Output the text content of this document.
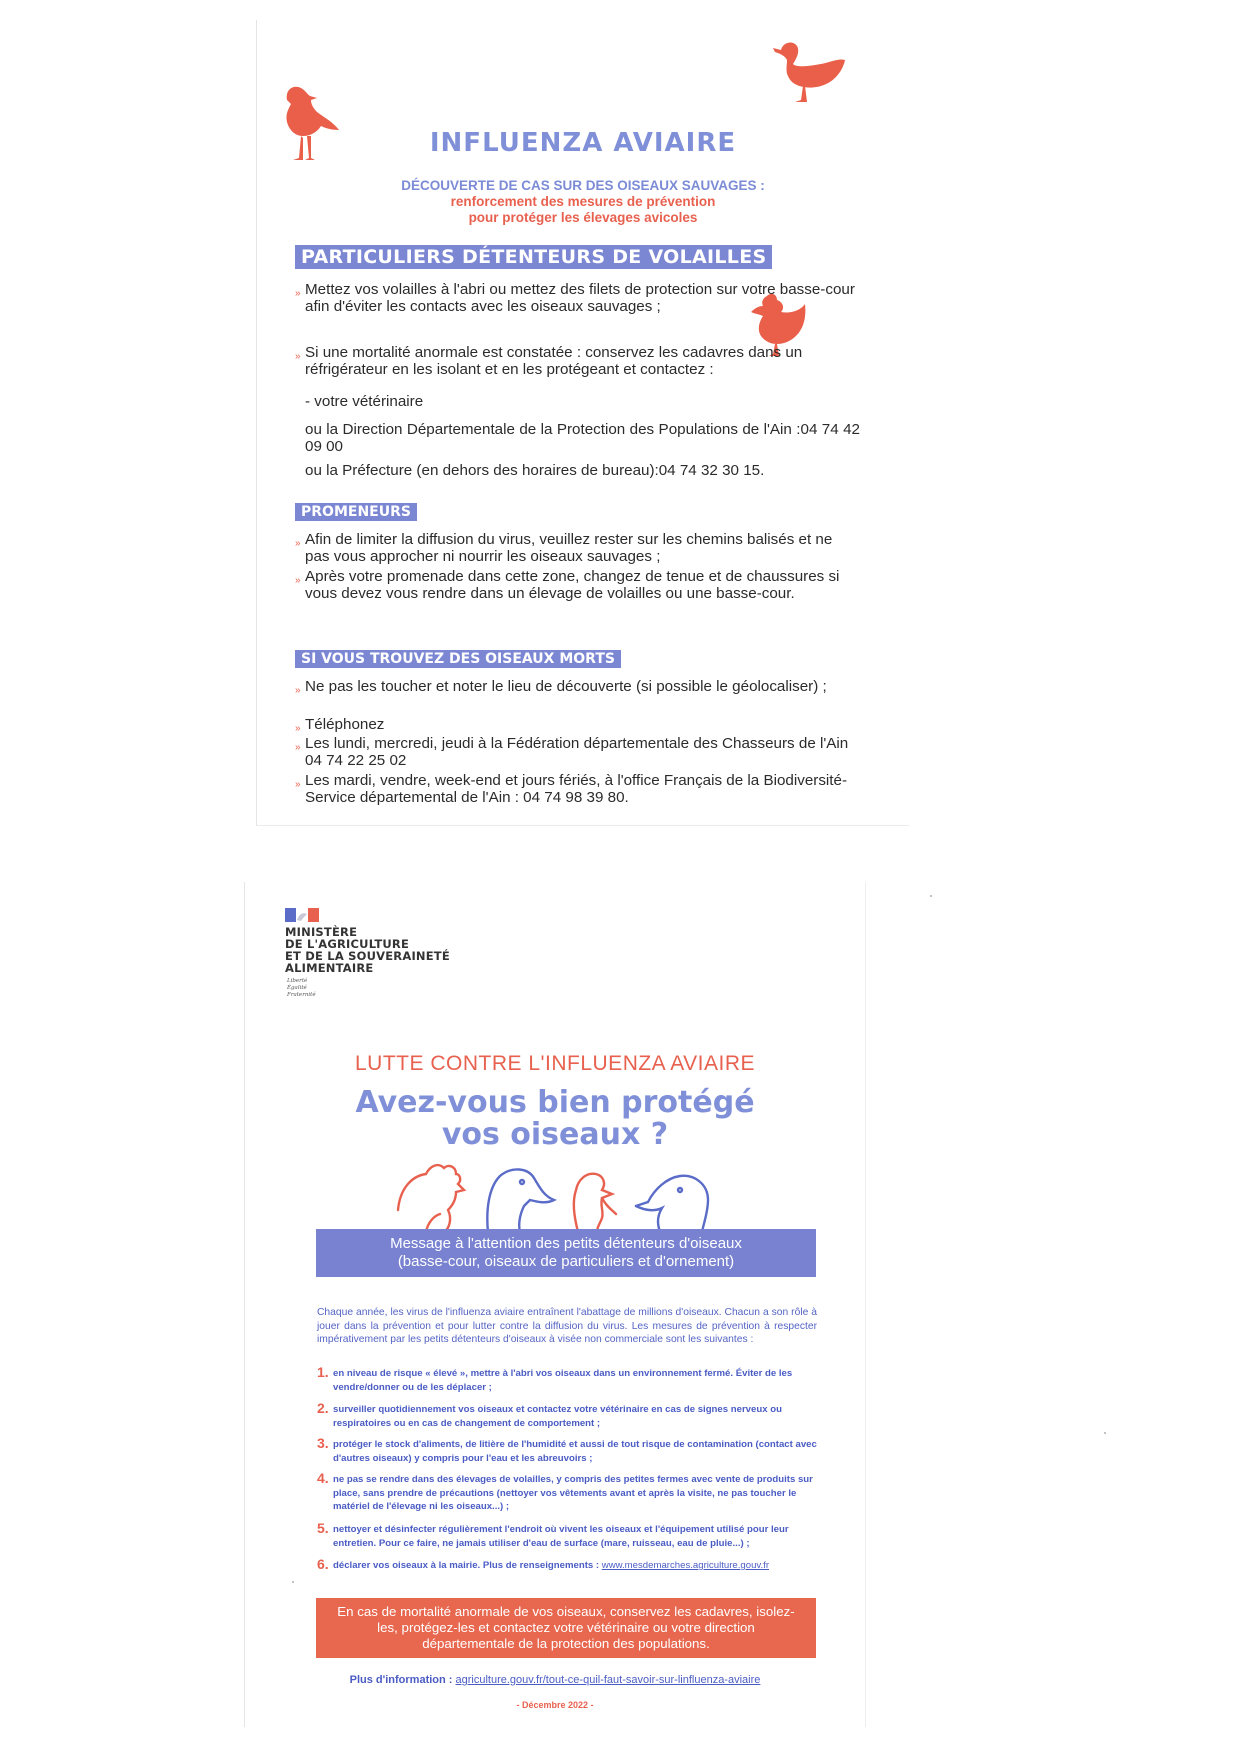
INFLUENZA AVIAIRE
DÉCOUVERTE DE CAS SUR DES OISEAUX SAUVAGES :
renforcement des mesures de prévention
pour protéger les élevages avicoles
PARTICULIERS DÉTENTEURS DE VOLAILLES
» Mettez vos volailles à l'abri ou mettez des filets de protection sur votre basse-cour afin d'éviter les contacts avec les oiseaux sauvages ;
» Si une mortalité anormale est constatée : conservez les cadavres dans un réfrigérateur en les isolant et en les protégeant et contactez :
- votre vétérinaire
ou la Direction Départementale de la Protection des Populations de l'Ain :04 74 42 09 00
ou la Préfecture (en dehors des horaires de bureau):04 74 32 30 15.
PROMENEURS
» Afin de limiter la diffusion du virus, veuillez rester sur les chemins balisés et ne pas vous approcher ni nourrir les oiseaux sauvages ;
» Après votre promenade dans cette zone, changez de tenue et de chaussures si vous devez vous rendre dans un élevage de volailles ou une basse-cour.
SI VOUS TROUVEZ DES OISEAUX MORTS
» Ne pas les toucher et noter le lieu de découverte (si possible le géolocaliser) ;
» Téléphonez
» Les lundi, mercredi, jeudi à la Fédération départementale des Chasseurs de l'Ain 04 74 22 25 02
» Les mardi, vendre, week-end et jours fériés, à l'office Français de la Biodiversité-Service départemental de l'Ain : 04 74 98 39 80.
MINISTÈRE
DE L'AGRICULTURE
ET DE LA SOUVERAINETÉ
ALIMENTAIRE
Liberté
Égalité
Fraternité
LUTTE CONTRE L'INFLUENZA AVIAIRE
Avez-vous bien protégé
vos oiseaux ?
Message à l'attention des petits détenteurs d'oiseaux
(basse-cour, oiseaux de particuliers et d'ornement)
Chaque année, les virus de l'influenza aviaire entraînent l'abattage de millions d'oiseaux. Chacun a son rôle à jouer dans la prévention et pour lutter contre la diffusion du virus. Les mesures de prévention à respecter impérativement par les petits détenteurs d'oiseaux à visée non commerciale sont les suivantes :
1. en niveau de risque « élevé », mettre à l'abri vos oiseaux dans un environnement fermé. Éviter de les vendre/donner ou de les déplacer ;
2. surveiller quotidiennement vos oiseaux et contactez votre vétérinaire en cas de signes nerveux ou respiratoires ou en cas de changement de comportement ;
3. protéger le stock d'aliments, de litière de l'humidité et aussi de tout risque de contamination (contact avec d'autres oiseaux) y compris pour l'eau et les abreuvoirs ;
4. ne pas se rendre dans des élevages de volailles, y compris des petites fermes avec vente de produits sur place, sans prendre de précautions (nettoyer vos vêtements avant et après la visite, ne pas toucher le matériel de l'élevage ni les oiseaux...) ;
5. nettoyer et désinfecter régulièrement l'endroit où vivent les oiseaux et l'équipement utilisé pour leur entretien. Pour ce faire, ne jamais utiliser d'eau de surface (mare, ruisseau, eau de pluie...) ;
6. déclarer vos oiseaux à la mairie. Plus de renseignements : www.mesdemarches.agriculture.gouv.fr
En cas de mortalité anormale de vos oiseaux, conservez les cadavres, isolez-les, protégez-les et contactez votre vétérinaire ou votre direction départementale de la protection des populations.
Plus d'information : agriculture.gouv.fr/tout-ce-quil-faut-savoir-sur-linfluenza-aviaire
- Décembre 2022 -
